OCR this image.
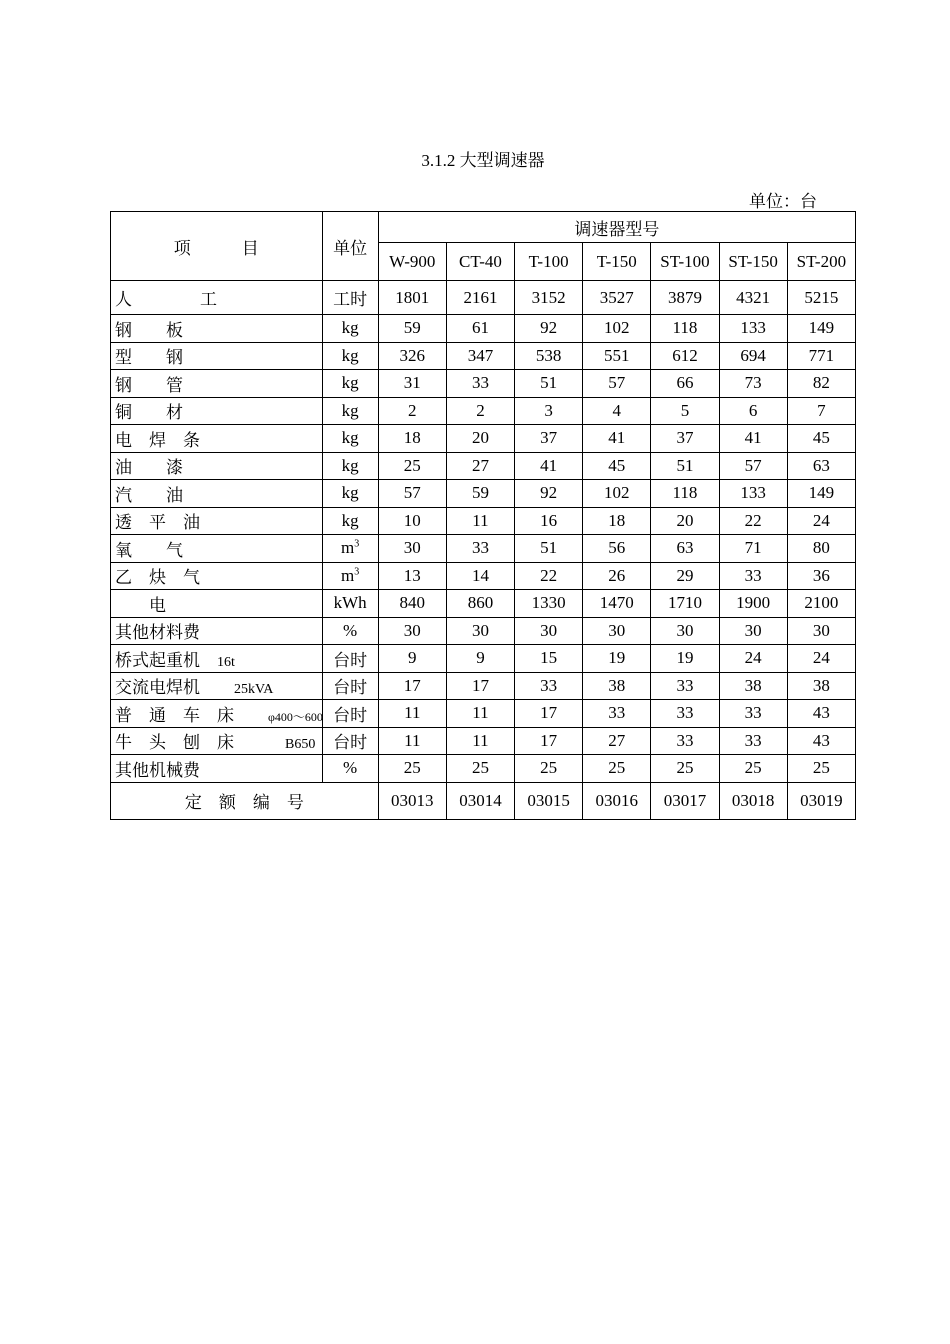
3.1.2 大型调速器
单位：台
项　　　目	单位	调速器型号						
		W-900	CT-40	T-100	T-150	ST-100	ST-150	ST-200
人　　　　工	工时	1801	2161	3152	3527	3879	4321	5215
钢　　板	kg	59	61	92	102	118	133	149
型　　钢	kg	326	347	538	551	612	694	771
钢　　管	kg	31	33	51	57	66	73	82
铜　　材	kg	2	2	3	4	5	6	7
电　焊　条	kg	18	20	37	41	37	41	45
油　　漆	kg	25	27	41	45	51	57	63
汽　　油	kg	57	59	92	102	118	133	149
透　平　油	kg	10	11	16	18	20	22	24
氧　　气	$m^3$	30	33	51	56	63	71	80
乙　炔　气	$m^3$	13	14	22	26	29	33	36
　　电	kWh	840	860	1330	1470	1710	1900	2100
其他材料费	%	30	30	30	30	30	30	30
桥式起重机　16t	台时	9	9	15	19	19	24	24
交流电焊机　　25kVA	台时	17	17	33	38	33	38	38
普　通　车　床　　φ400～600	台时	11	11	17	33	33	33	43
牛　头　刨　床　　　B650	台时	11	11	17	27	33	33	43
其他机械费	%	25	25	25	25	25	25	25
定　额　编　号		03013	03014	03015	03016	03017	03018	03019
